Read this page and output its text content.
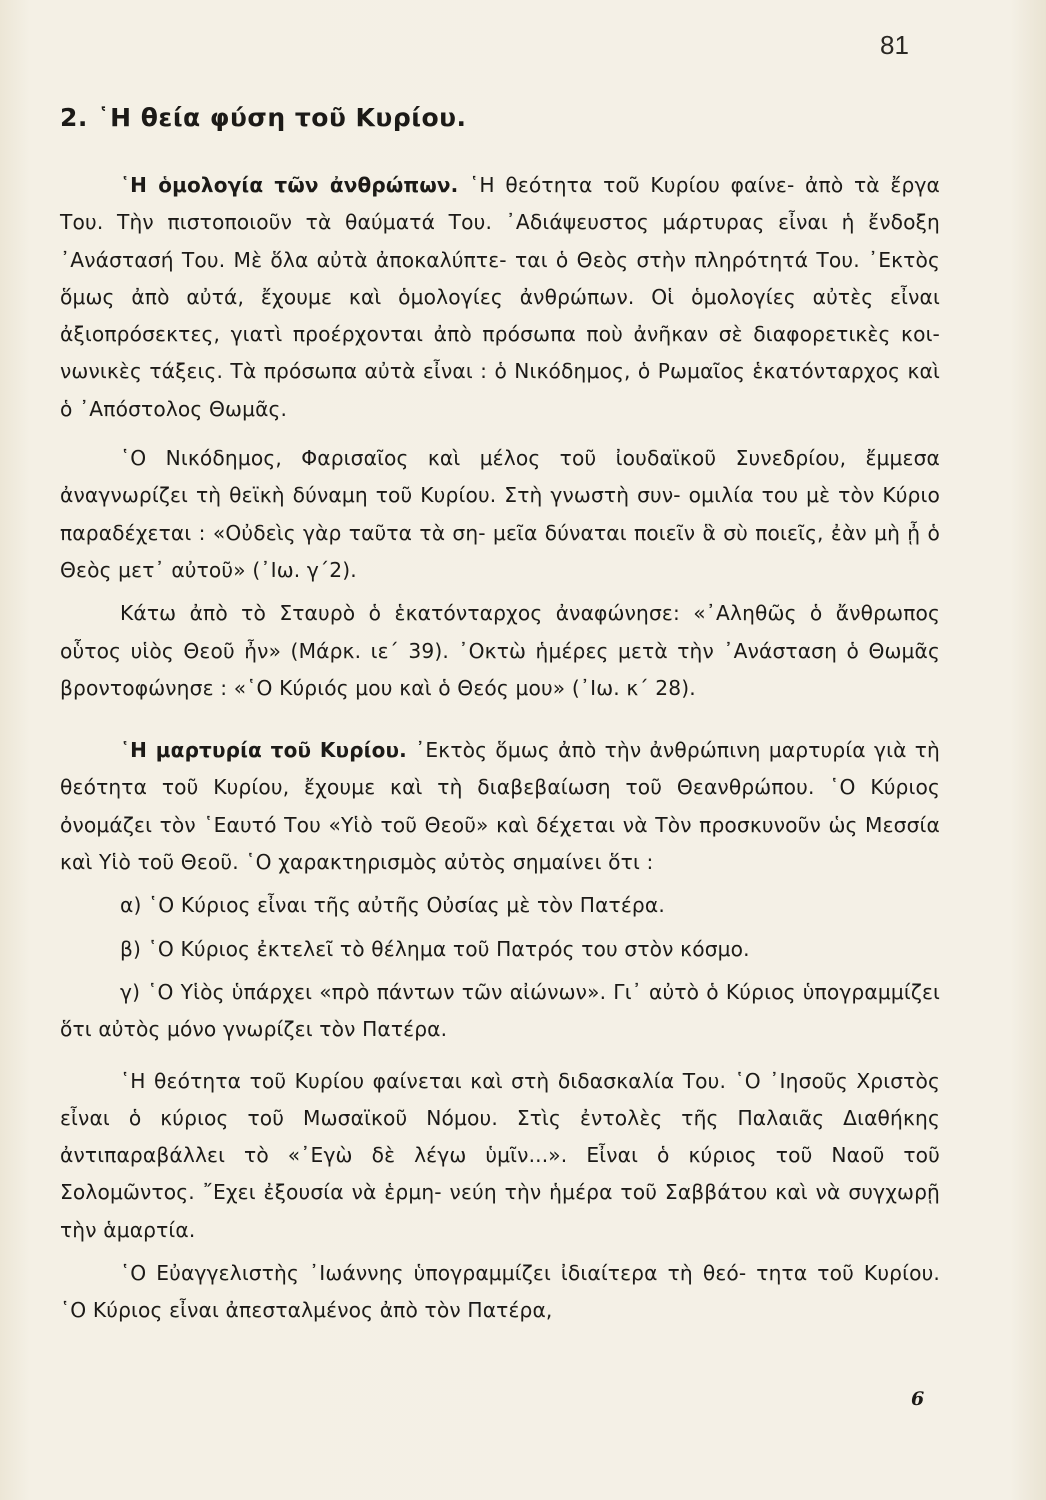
81
2. ῾Η θεία φύση τοῦ Κυρίου.

῾Η ὁμολογία τῶν ἀνθρώπων. ῾Η θεότητα τοῦ Κυρίου φαίνε- ἀπὸ τὰ ἔργα Του. Τὴν πιστοποιοῦν τὰ θαύματά Του. ᾿Αδιάψευστος μάρτυρας εἶναι ἡ ἔνδοξη ᾿Ανάστασή Του. Μὲ ὅλα αὐτὰ ἀποκαλύπτε- ται ὁ Θεὸς στὴν πληρότητά Του. ᾿Εκτὸς ὅμως ἀπὸ αὐτά, ἔχουμε καὶ ὁμολογίες ἀνθρώπων. Οἱ ὁμολογίες αὐτὲς εἶναι ἀξιοπρόσεκτες, γιατὶ προέρχονται ἀπὸ πρόσωπα ποὺ ἀνῆκαν σὲ διαφορετικὲς κοι- νωνικὲς τάξεις. Τὰ πρόσωπα αὐτὰ εἶναι : ὁ Νικόδημος, ὁ Ρωμαῖος ἑκατόνταρχος καὶ ὁ ᾿Απόστολος Θωμᾶς.

῾Ο Νικόδημος, Φαρισαῖος καὶ μέλος τοῦ ἰουδαϊκοῦ Συνεδρίου, ἔμμεσα ἀναγνωρίζει τὴ θεϊκὴ δύναμη τοῦ Κυρίου. Στὴ γνωστὴ συν- ομιλία του μὲ τὸν Κύριο παραδέχεται : «Οὐδεὶς γὰρ ταῦτα τὰ ση- μεῖα δύναται ποιεῖν ἃ σὺ ποιεῖς, ἐὰν μὴ ᾖ ὁ Θεὸς μετ᾿ αὐτοῦ» (᾿Ιω. γ΄2).

Κάτω ἀπὸ τὸ Σταυρὸ ὁ ἑκατόνταρχος ἀναφώνησε: «᾿Αληθῶς ὁ ἄνθρωπος οὗτος υἱὸς Θεοῦ ἦν» (Μάρκ. ιε΄ 39). ᾿Οκτὼ ἡμέρες μετὰ τὴν ᾿Ανάσταση ὁ Θωμᾶς βροντοφώνησε : «῾Ο Κύριός μου καὶ ὁ Θεός μου» (᾿Ιω. κ΄ 28).

῾Η μαρτυρία τοῦ Κυρίου. ᾿Εκτὸς ὅμως ἀπὸ τὴν ἀνθρώπινη μαρτυρία γιὰ τὴ θεότητα τοῦ Κυρίου, ἔχουμε καὶ τὴ διαβεβαίωση τοῦ Θεανθρώπου. ῾Ο Κύριος ὀνομάζει τὸν ῾Εαυτό Του «Υἱὸ τοῦ Θεοῦ» καὶ δέχεται νὰ Τὸν προσκυνοῦν ὡς Μεσσία καὶ Υἱὸ τοῦ Θεοῦ. ῾Ο χαρακτηρισμὸς αὐτὸς σημαίνει ὅτι :

α) ῾Ο Κύριος εἶναι τῆς αὐτῆς Οὐσίας μὲ τὸν Πατέρα.

β) ῾Ο Κύριος ἐκτελεῖ τὸ θέλημα τοῦ Πατρός του στὸν κόσμο.

γ) ῾Ο Υἱὸς ὑπάρχει «πρὸ πάντων τῶν αἰώνων». Γι᾿ αὐτὸ ὁ Κύριος ὑπογραμμίζει ὅτι αὐτὸς μόνο γνωρίζει τὸν Πατέρα.

῾Η θεότητα τοῦ Κυρίου φαίνεται καὶ στὴ διδασκαλία Του. ῾Ο ᾿Ιησοῦς Χριστὸς εἶναι ὁ κύριος τοῦ Μωσαϊκοῦ Νόμου. Στὶς ἐντολὲς τῆς Παλαιᾶς Διαθήκης ἀντιπαραβάλλει τὸ «᾿Εγὼ δὲ λέγω ὑμῖν...». Εἶναι ὁ κύριος τοῦ Ναοῦ τοῦ Σολομῶντος. ῎Εχει ἐξουσία νὰ ἑρμη- νεύη τὴν ἡμέρα τοῦ Σαββάτου καὶ νὰ συγχωρῇ τὴν ἁμαρτία.

῾Ο Εὐαγγελιστὴς ᾿Ιωάννης ὑπογραμμίζει ἰδιαίτερα τὴ θεό- τητα τοῦ Κυρίου. ῾Ο Κύριος εἶναι ἀπεσταλμένος ἀπὸ τὸν Πατέρα,

6
